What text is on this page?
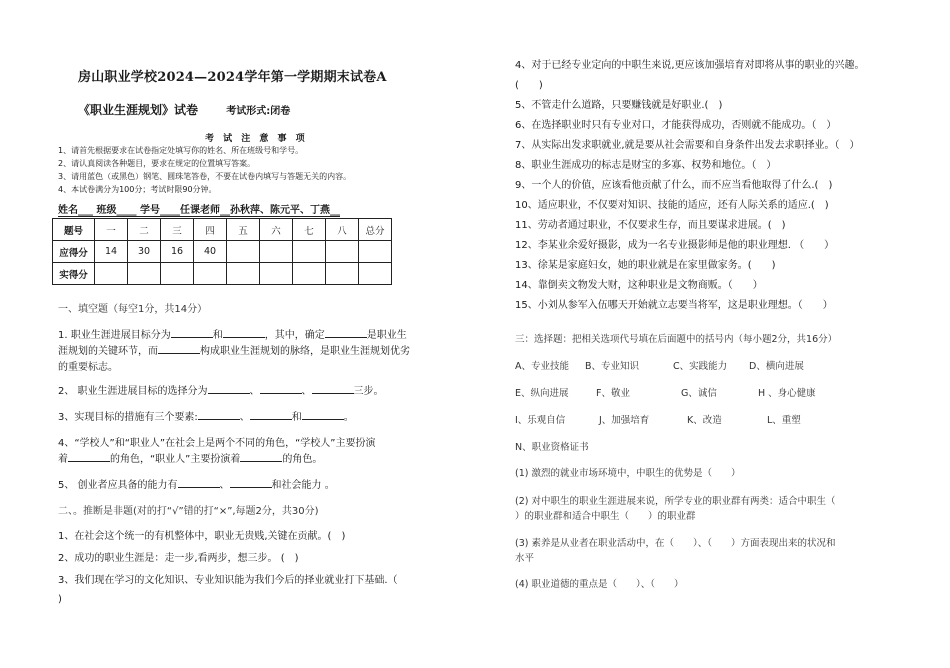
房山职业学校2024—2024学年第一学期期末试卷A
《职业生涯规划》试卷	考试形式:闭卷
考 试 注 意 事 项
1、请首先根据要求在试卷指定处填写你的姓名、所在班级号和学号。
2、请认真阅读各种题目，要求在规定的位置填写答案。
3、请用蓝色（或黑色）钢笔、圆珠笔答卷，不要在试卷内填写与答题无关的内容。
4、本试卷满分为100分；考试时限90分钟。
姓名___ 班级____ 学号____任课老师__孙秋萍、陈元平、丁燕__
题号	一	二	三	四	五	六	七	八	总分
应得分	14	30	16	40					
实得分									
一、填空题（每空1分，共14分）
1. 职业生涯进展目标分为	和	，其中，确定	是职业生
涯规划的关键环节，而	构成职业生涯规划的脉络，是职业生涯规划优劣
的重要标志。
2、 职业生涯进展目标的选择分为	、	、	三步。
3、实现目标的措施有三个要素:	、	和	。
4、“学校人”和“职业人”在社会上是两个不同的角色，“学校人”主要扮演
着	的角色，“职业人”主要扮演着	的角色。
5、 创业者应具备的能力有	、	和社会能力 。
二、。推断是非题(对的打“√”错的打“×”,每题2分，共30分)
1、在社会这个统一的有机整体中，职业无贵贱,关键在贡献。(　)
2、成功的职业生涯是：走一步,看两步，想三步。 (　)
3、我们现在学习的文化知识、专业知识能为我们今后的择业就业打下基础.（
)
4、对于已经专业定向的中职生来说,更应该加强培育对即将从事的职业的兴趣。
(　　)
5、不管走什么道路，只要赚钱就是好职业.(　)
6、在选择职业时只有专业对口，才能获得成功，否则就不能成功。（　）
7、从实际出发求职就业,就是要从社会需要和自身条件出发去求职择业。（　）
8、职业生涯成功的标志是财宝的多寡、权势和地位。（　）
9、一个人的价值，应该看他贡献了什么，而不应当看他取得了什么.(　)
10、适应职业，不仅要对知识、技能的适应，还有人际关系的适应.(　)
11、劳动者通过职业，不仅要求生存，而且要谋求进展。(　)
12、李某业余爱好摄影，成为一名专业摄影师是他的职业理想. （　　）
13、徐某是家庭妇女，她的职业就是在家里做家务。(　　)
14、靠倒卖文物发大财，这种职业是文物商贩。（　　）
15、小刘从参军入伍哪天开始就立志要当将军，这是职业理想。（　　）
三：选择题：把相关选项代号填在后面题中的括号内（每小题2分，共16分）
A、专业技能 B、专业知识	C、实践能力 D、横向进展
E、纵向进展	F、敬业	G、诚信	H 、身心健康
I、乐观自信	J、加强培育	K、改造	L、重塑
N、职业资格证书
(1) 激烈的就业市场环境中，中职生的优势是（　　）
(2) 对中职生的职业生涯进展来说，所学专业的职业群有两类：适合中职生（
）的职业群和适合中职生（　　）的职业群
(3) 素养是从业者在职业活动中，在（　　）、（　　）方面表现出来的状况和
水平
(4) 职业道德的重点是（　　）、（　　）
